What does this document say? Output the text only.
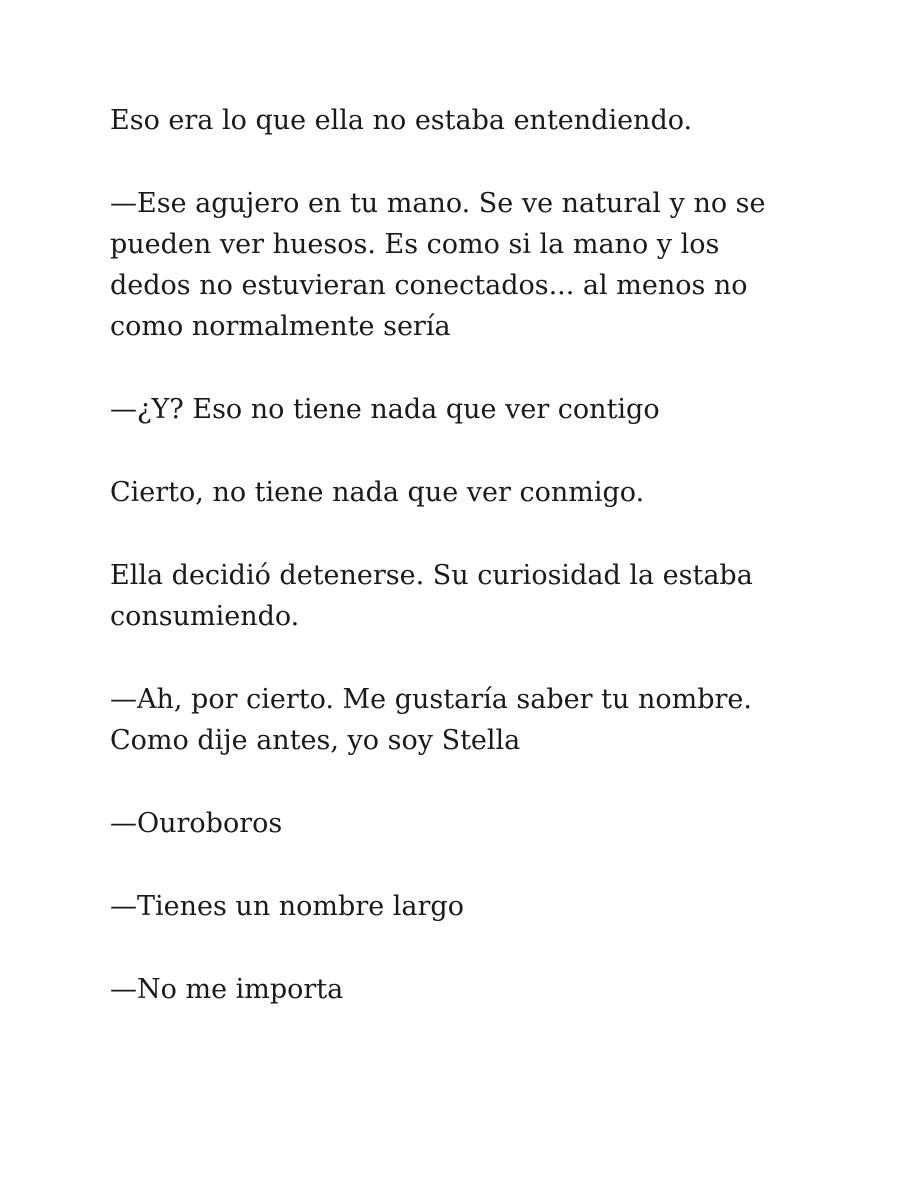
Eso era lo que ella no estaba entendiendo.

—Ese agujero en tu mano. Se ve natural y no se
pueden ver huesos. Es como si la mano y los
dedos no estuvieran conectados... al menos no
como normalmente sería

—¿Y? Eso no tiene nada que ver contigo

Cierto, no tiene nada que ver conmigo.

Ella decidió detenerse. Su curiosidad la estaba
consumiendo.

—Ah, por cierto. Me gustaría saber tu nombre.
Como dije antes, yo soy Stella

—Ouroboros

—Tienes un nombre largo

—No me importa
